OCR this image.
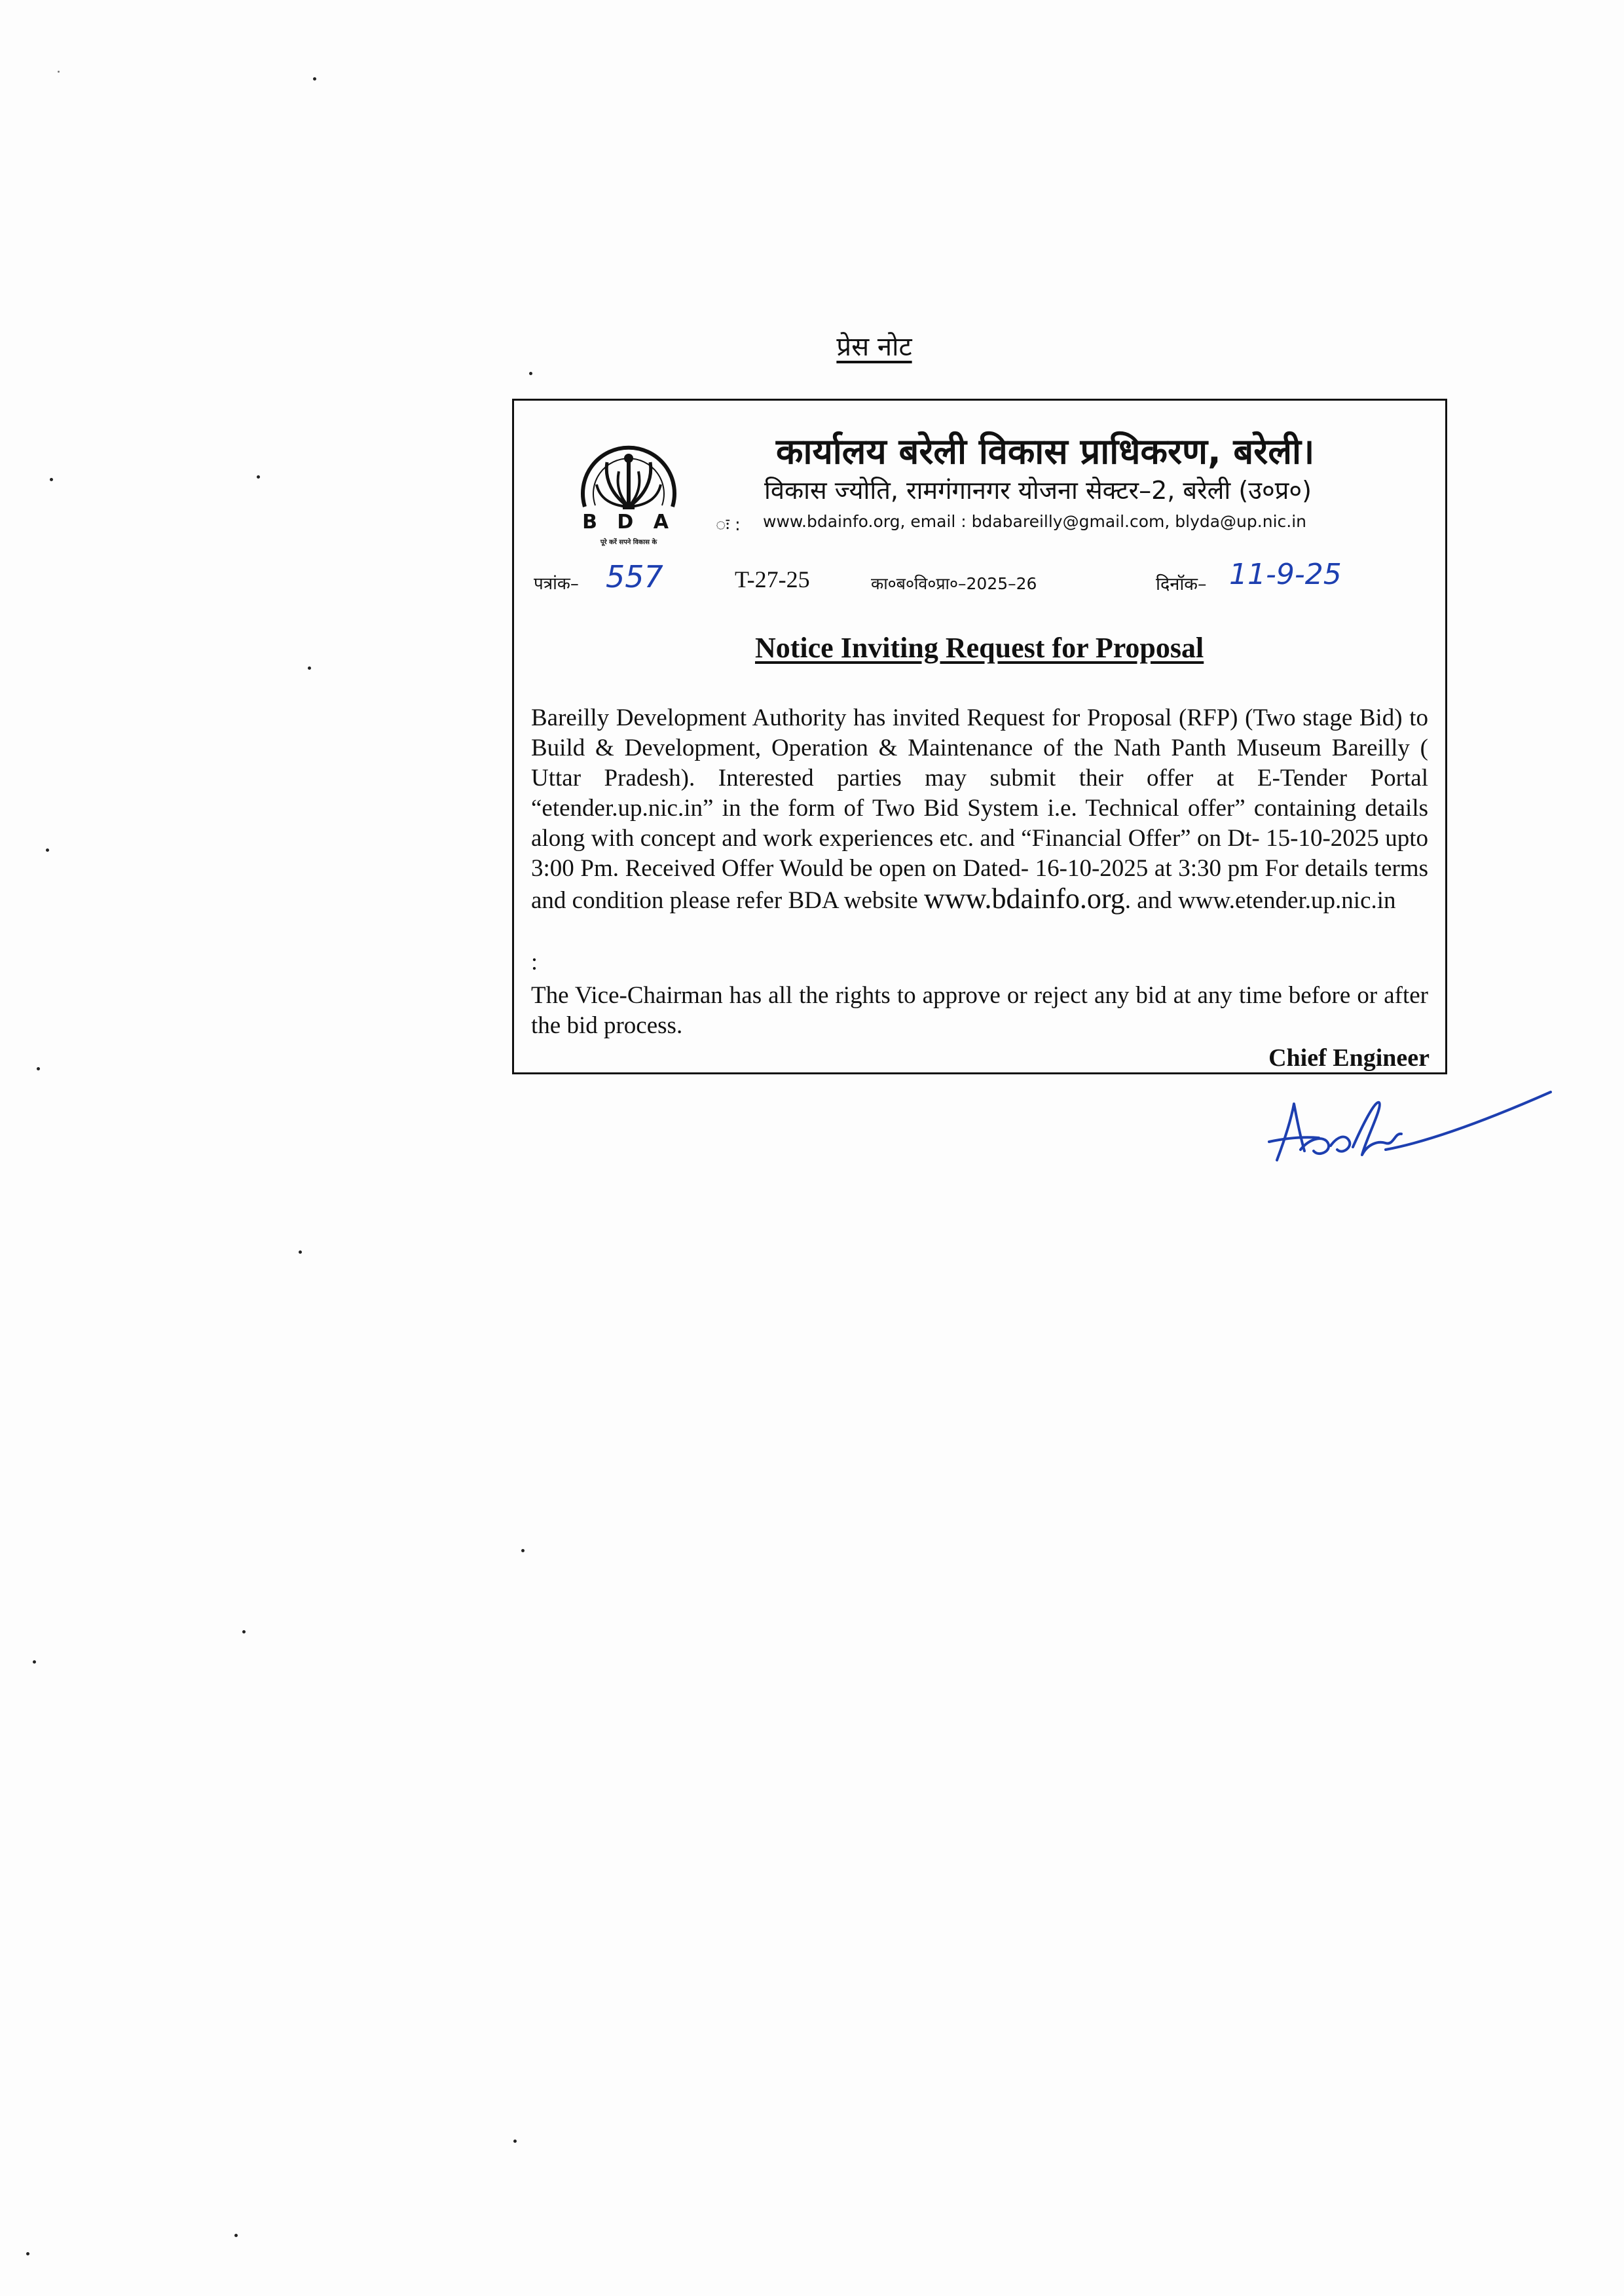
प्रेस नोट
B D A
पूरे करें सपने विकास के
कार्यालय बरेली विकास प्राधिकरण, बरेली।
विकास ज्योति, रामगंगानगर योजना सेक्टर–2, बरेली (उ०प्र०)
ः : www.bdainfo.org, email : bdabareilly@gmail.com, blyda@up.nic.in
पत्रांक– 557	T-27-25	का०ब०वि०प्रा०–2025–26	दिनॉक– 11-9-25
Notice Inviting Request for Proposal

Bareilly Development Authority has invited Request for Proposal (RFP) (Two stage Bid) to Build & Development, Operation & Maintenance of the Nath Panth Museum Bareilly ( Uttar Pradesh). Interested parties may submit their offer at E-Tender Portal “etender.up.nic.in” in the form of Two Bid System i.e. Technical offer” containing details along with concept and work experiences etc. and “Financial Offer” on Dt- 15-10-2025 upto 3:00 Pm. Received Offer Would be open on Dated- 16-10-2025 at 3:30 pm For details terms and condition please refer BDA website www.bdainfo.org. and www.etender.up.nic.in

:

The Vice-Chairman has all the rights to approve or reject any bid at any time before or after the bid process.

Chief Engineer
